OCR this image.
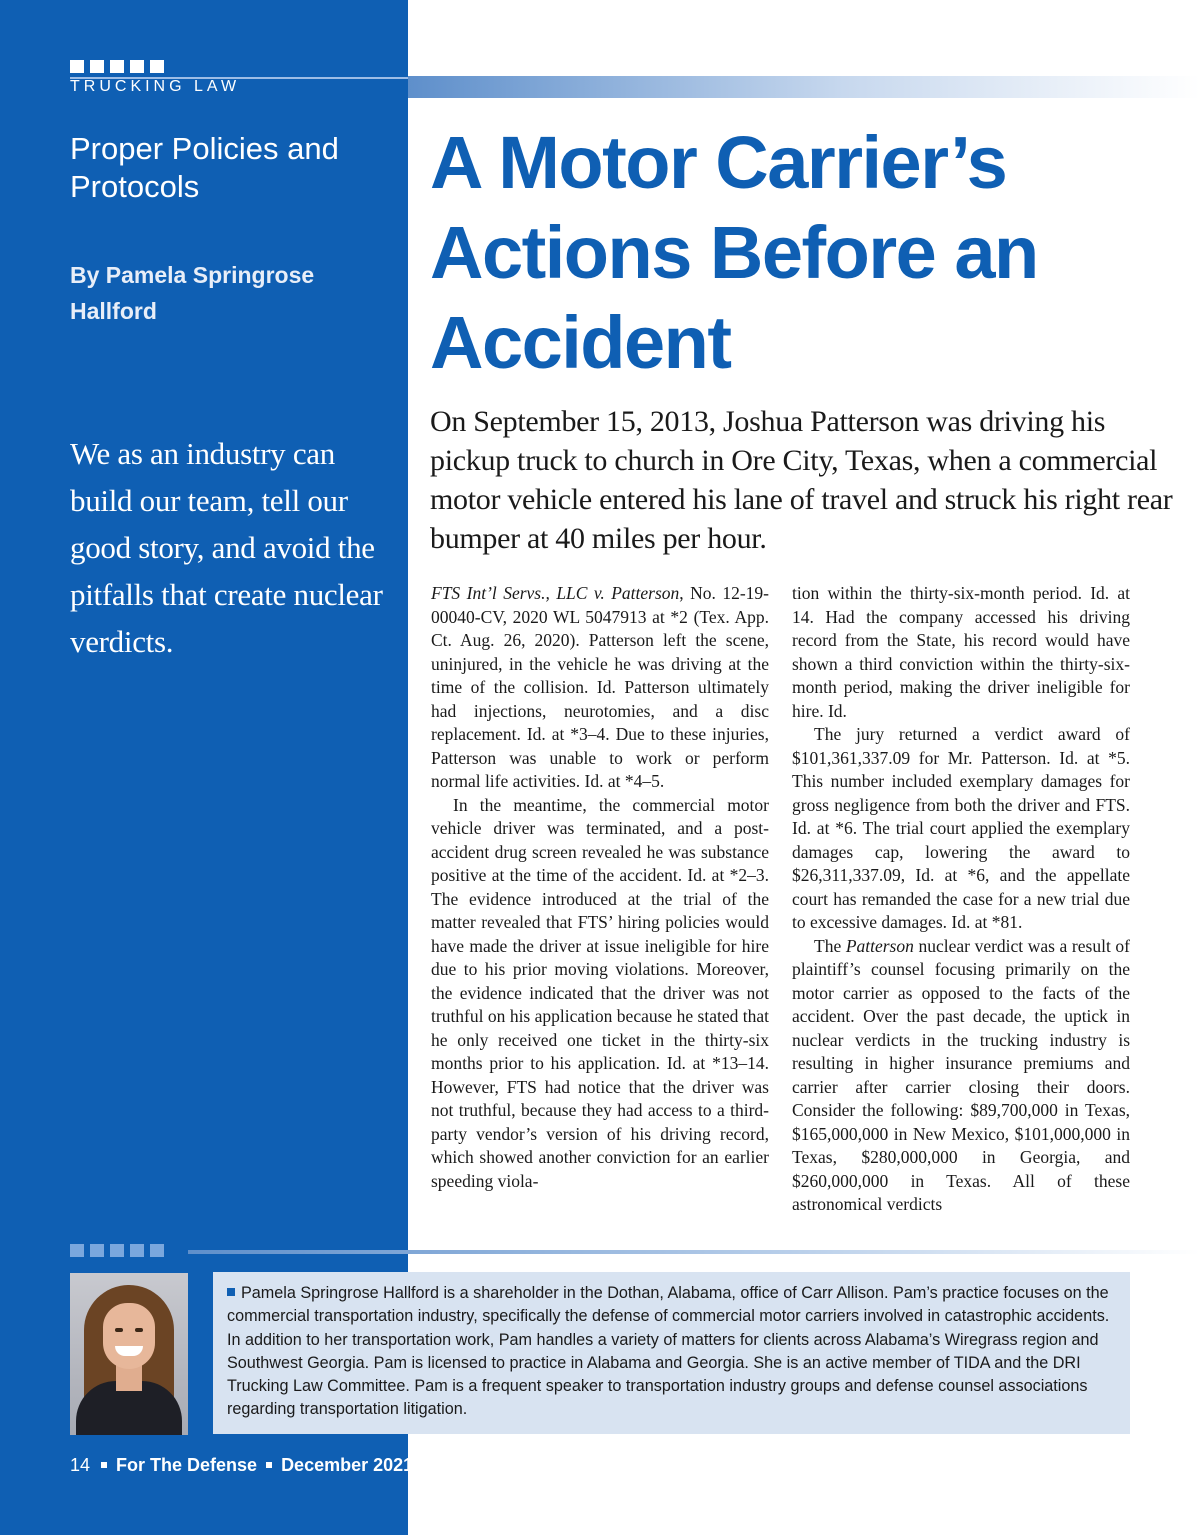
TRUCKING LAW
Proper Policies and Protocols
By Pamela Springrose Hallford
We as an industry can build our team, tell our good story, and avoid the pitfalls that create nuclear verdicts.
A Motor Carrier’s Actions Before an Accident
On September 15, 2013, Joshua Patterson was driving his pickup truck to church in Ore City, Texas, when a commercial motor vehicle entered his lane of travel and struck his right rear bumper at 40 miles per hour.

FTS Int’l Servs., LLC v. Patterson, No. 12-19-00040-CV, 2020 WL 5047913 at *2 (Tex. App. Ct. Aug. 26, 2020). Patterson left the scene, uninjured, in the vehicle he was driving at the time of the collision. Id. Patterson ultimately had injections, neurotomies, and a disc replacement. Id. at *3–4. Due to these injuries, Patterson was unable to work or perform normal life activities. Id. at *4–5.

In the meantime, the commercial motor vehicle driver was terminated, and a post-accident drug screen revealed he was substance positive at the time of the accident. Id. at *2–3. The evidence introduced at the trial of the matter revealed that FTS’ hiring policies would have made the driver at issue ineligible for hire due to his prior moving violations. Moreover, the evidence indicated that the driver was not truthful on his application because he stated that he only received one ticket in the thirty-six months prior to his application. Id. at *13–14. However, FTS had notice that the driver was not truthful, because they had access to a third-party vendor’s version of his driving record, which showed another conviction for an earlier speeding viola-

tion within the thirty-six-month period. Id. at 14. Had the company accessed his driving record from the State, his record would have shown a third conviction within the thirty-six-month period, making the driver ineligible for hire. Id.

The jury returned a verdict award of $101,361,337.09 for Mr. Patterson. Id. at *5. This number included exemplary damages for gross negligence from both the driver and FTS. Id. at *6. The trial court applied the exemplary damages cap, lowering the award to $26,311,337.09, Id. at *6, and the appellate court has remanded the case for a new trial due to excessive damages. Id. at *81.

The Patterson nuclear verdict was a result of plaintiff’s counsel focusing primarily on the motor carrier as opposed to the facts of the accident. Over the past decade, the uptick in nuclear verdicts in the trucking industry is resulting in higher insurance premiums and carrier after carrier closing their doors. Consider the following: $89,700,000 in Texas, $165,000,000 in New Mexico, $101,000,000 in Texas, $280,000,000 in Georgia, and $260,000,000 in Texas. All of these astronomical verdicts

Pamela Springrose Hallford is a shareholder in the Dothan, Alabama, office of Carr Allison. Pam’s practice focuses on the commercial transportation industry, specifically the defense of commercial motor carriers involved in catastrophic accidents. In addition to her transportation work, Pam handles a variety of matters for clients across Alabama’s Wiregrass region and Southwest Georgia. Pam is licensed to practice in Alabama and Georgia. She is an active member of TIDA and the DRI Trucking Law Committee. Pam is a frequent speaker to transportation industry groups and defense counsel associations regarding transportation litigation.

14 For The Defense December 2021
